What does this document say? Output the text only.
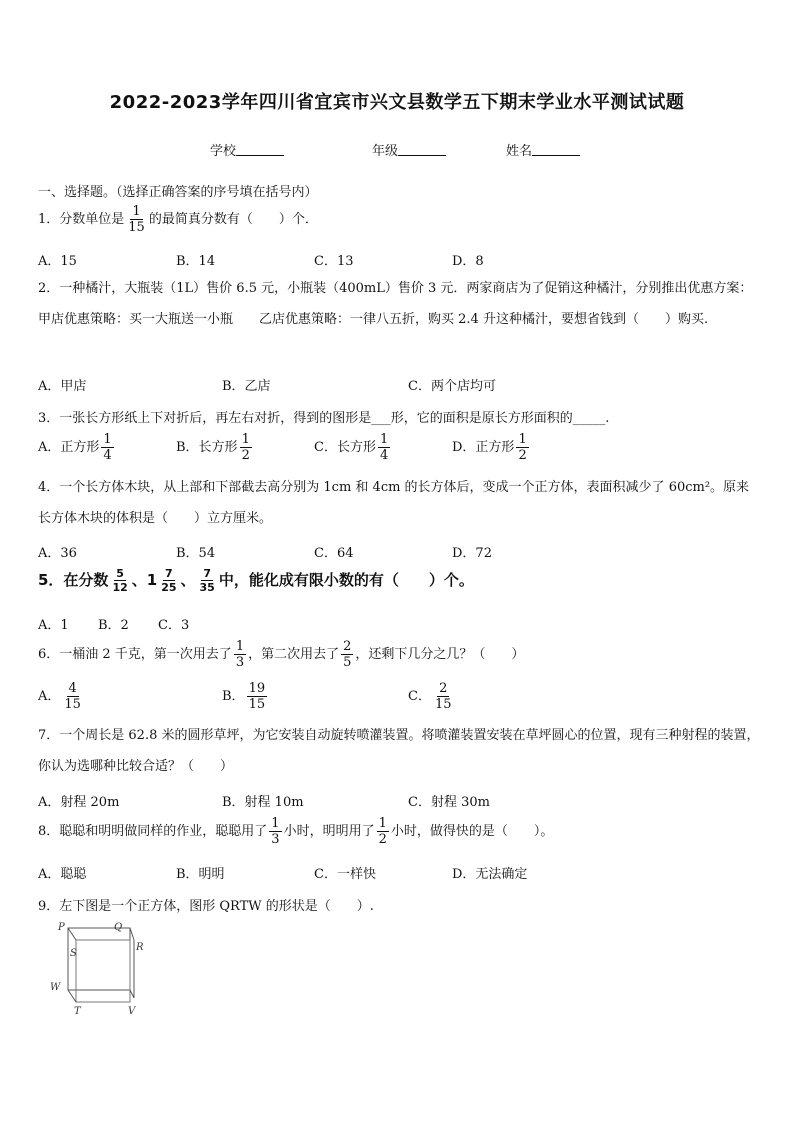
2022-2023学年四川省宜宾市兴文县数学五下期末学业水平测试试题
学校	年级	姓名
一、选择题。（选择正确答案的序号填在括号内）
1．分数单位是 $\frac{1}{15}$ 的最简真分数有（　　）个．
A．15	B．14	C．13	D．8
2．一种橘汁，大瓶装（1L）售价 6.5 元，小瓶装（400mL）售价 3 元．两家商店为了促销这种橘汁，分别推出优惠方案：甲店优惠策略：买一大瓶送一小瓶　　乙店优惠策略：一律八五折，购买 2.4 升这种橘汁，要想省钱到（　　）购买.
A．甲店	B．乙店	C．两个店均可
3．一张长方形纸上下对折后，再左右对折，得到的图形是___形，它的面积是原长方形面积的_____.
A．正方形 $\frac{1}{4}$	B．长方形 $\frac{1}{2}$	C．长方形 $\frac{1}{4}$	D．正方形 $\frac{1}{2}$
4．一个长方体木块，从上部和下部截去高分别为 1cm 和 4cm 的长方体后，变成一个正方体，表面积减少了 60cm²。原来长方体木块的体积是（　　）立方厘米。
A．36	B．54	C．64	D．72
5．在分数 $\frac{5}{12}$ 、$1 \frac{7}{25}$ 、 $\frac{7}{35}$ 中，能化成有限小数的有（　　）个。
A．1 B．2 C．3
6．一桶油 2 千克，第一次用去了 $\frac{1}{3}$ ，第二次用去了 $\frac{2}{5}$ ，还剩下几分之几？（　　）
A． $\frac{4}{15}$	B． $\frac{19}{15}$	C． $\frac{2}{15}$
7．一个周长是 62.8 米的圆形草坪，为它安装自动旋转喷灌装置。将喷灌装置安装在草坪圆心的位置，现有三种射程的装置，你认为选哪种比较合适？（　　）
A．射程 20m	B．射程 10m	C．射程 30m
8．聪聪和明明做同样的作业，聪聪用了 $\frac{1}{3}$ 小时，明明用了 $\frac{1}{2}$ 小时，做得快的是（　　）。
A．聪聪	B．明明	C．一样快	D．无法确定
9．左下图是一个正方体，图形 QRTW 的形状是（　　）.
P	Q
R
S
W
T	V
